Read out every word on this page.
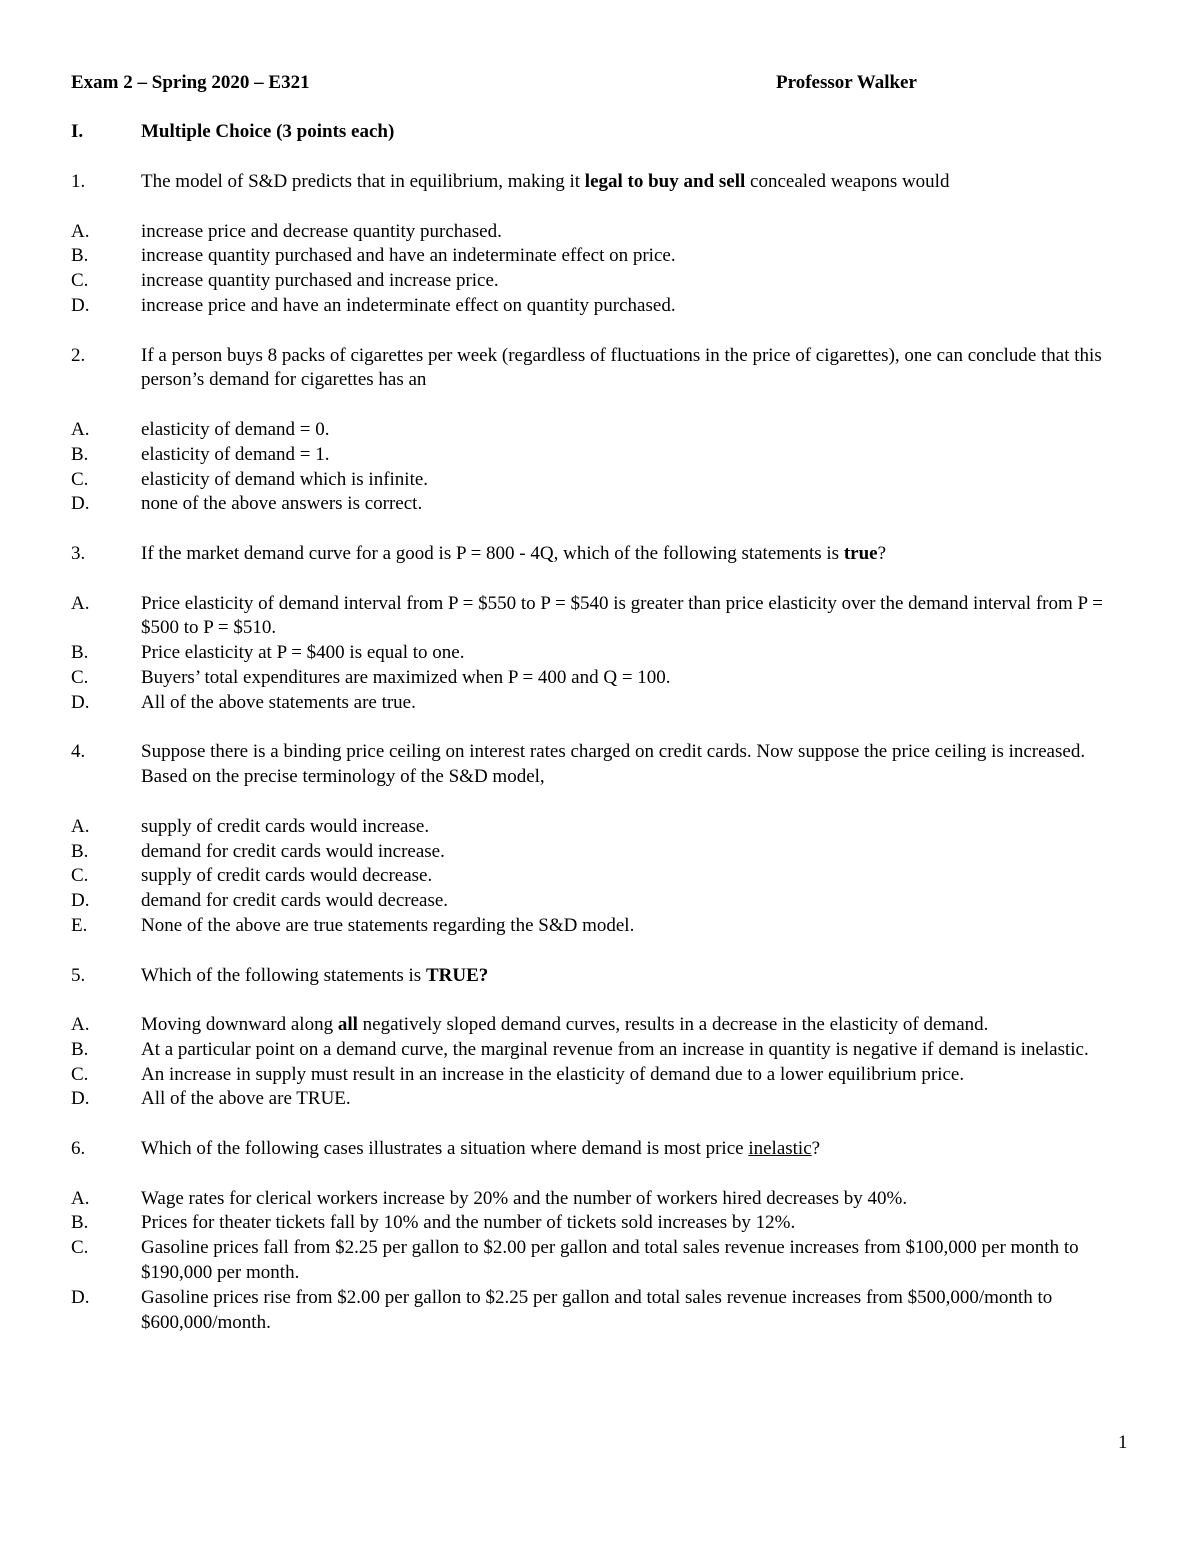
Exam 2 – Spring 2020 – E321	Professor Walker
I.	Multiple Choice (3 points each)
1.	The model of S&D predicts that in equilibrium, making it legal to buy and sell concealed weapons would
A.	increase price and decrease quantity purchased.
B.	increase quantity purchased and have an indeterminate effect on price.
C.	increase quantity purchased and increase price.
D.	increase price and have an indeterminate effect on quantity purchased.
2.	If a person buys 8 packs of cigarettes per week (regardless of fluctuations in the price of cigarettes), one can conclude that this person’s demand for cigarettes has an
A.	elasticity of demand = 0.
B.	elasticity of demand = 1.
C.	elasticity of demand which is infinite.
D.	none of the above answers is correct.
3.	If the market demand curve for a good is P = 800 - 4Q, which of the following statements is true?
A.	Price elasticity of demand interval from P = $550 to P = $540 is greater than price elasticity over the demand interval from P = $500 to P = $510.
B.	Price elasticity at P = $400 is equal to one.
C.	Buyers’ total expenditures are maximized when P = 400 and Q = 100.
D.	All of the above statements are true.
4.	Suppose there is a binding price ceiling on interest rates charged on credit cards. Now suppose the price ceiling is increased. Based on the precise terminology of the S&D model,
A.	supply of credit cards would increase.
B.	demand for credit cards would increase.
C.	supply of credit cards would decrease.
D.	demand for credit cards would decrease.
E.	None of the above are true statements regarding the S&D model.
5.	Which of the following statements is TRUE?
A.	Moving downward along all negatively sloped demand curves, results in a decrease in the elasticity of demand.
B.	At a particular point on a demand curve, the marginal revenue from an increase in quantity is negative if demand is inelastic.
C.	An increase in supply must result in an increase in the elasticity of demand due to a lower equilibrium price.
D.	All of the above are TRUE.
6.	Which of the following cases illustrates a situation where demand is most price inelastic?
A.	Wage rates for clerical workers increase by 20% and the number of workers hired decreases by 40%.
B.	Prices for theater tickets fall by 10% and the number of tickets sold increases by 12%.
C.	Gasoline prices fall from $2.25 per gallon to $2.00 per gallon and total sales revenue increases from $100,000 per month to $190,000 per month.
D.	Gasoline prices rise from $2.00 per gallon to $2.25 per gallon and total sales revenue increases from $500,000/month to $600,000/month.
1
